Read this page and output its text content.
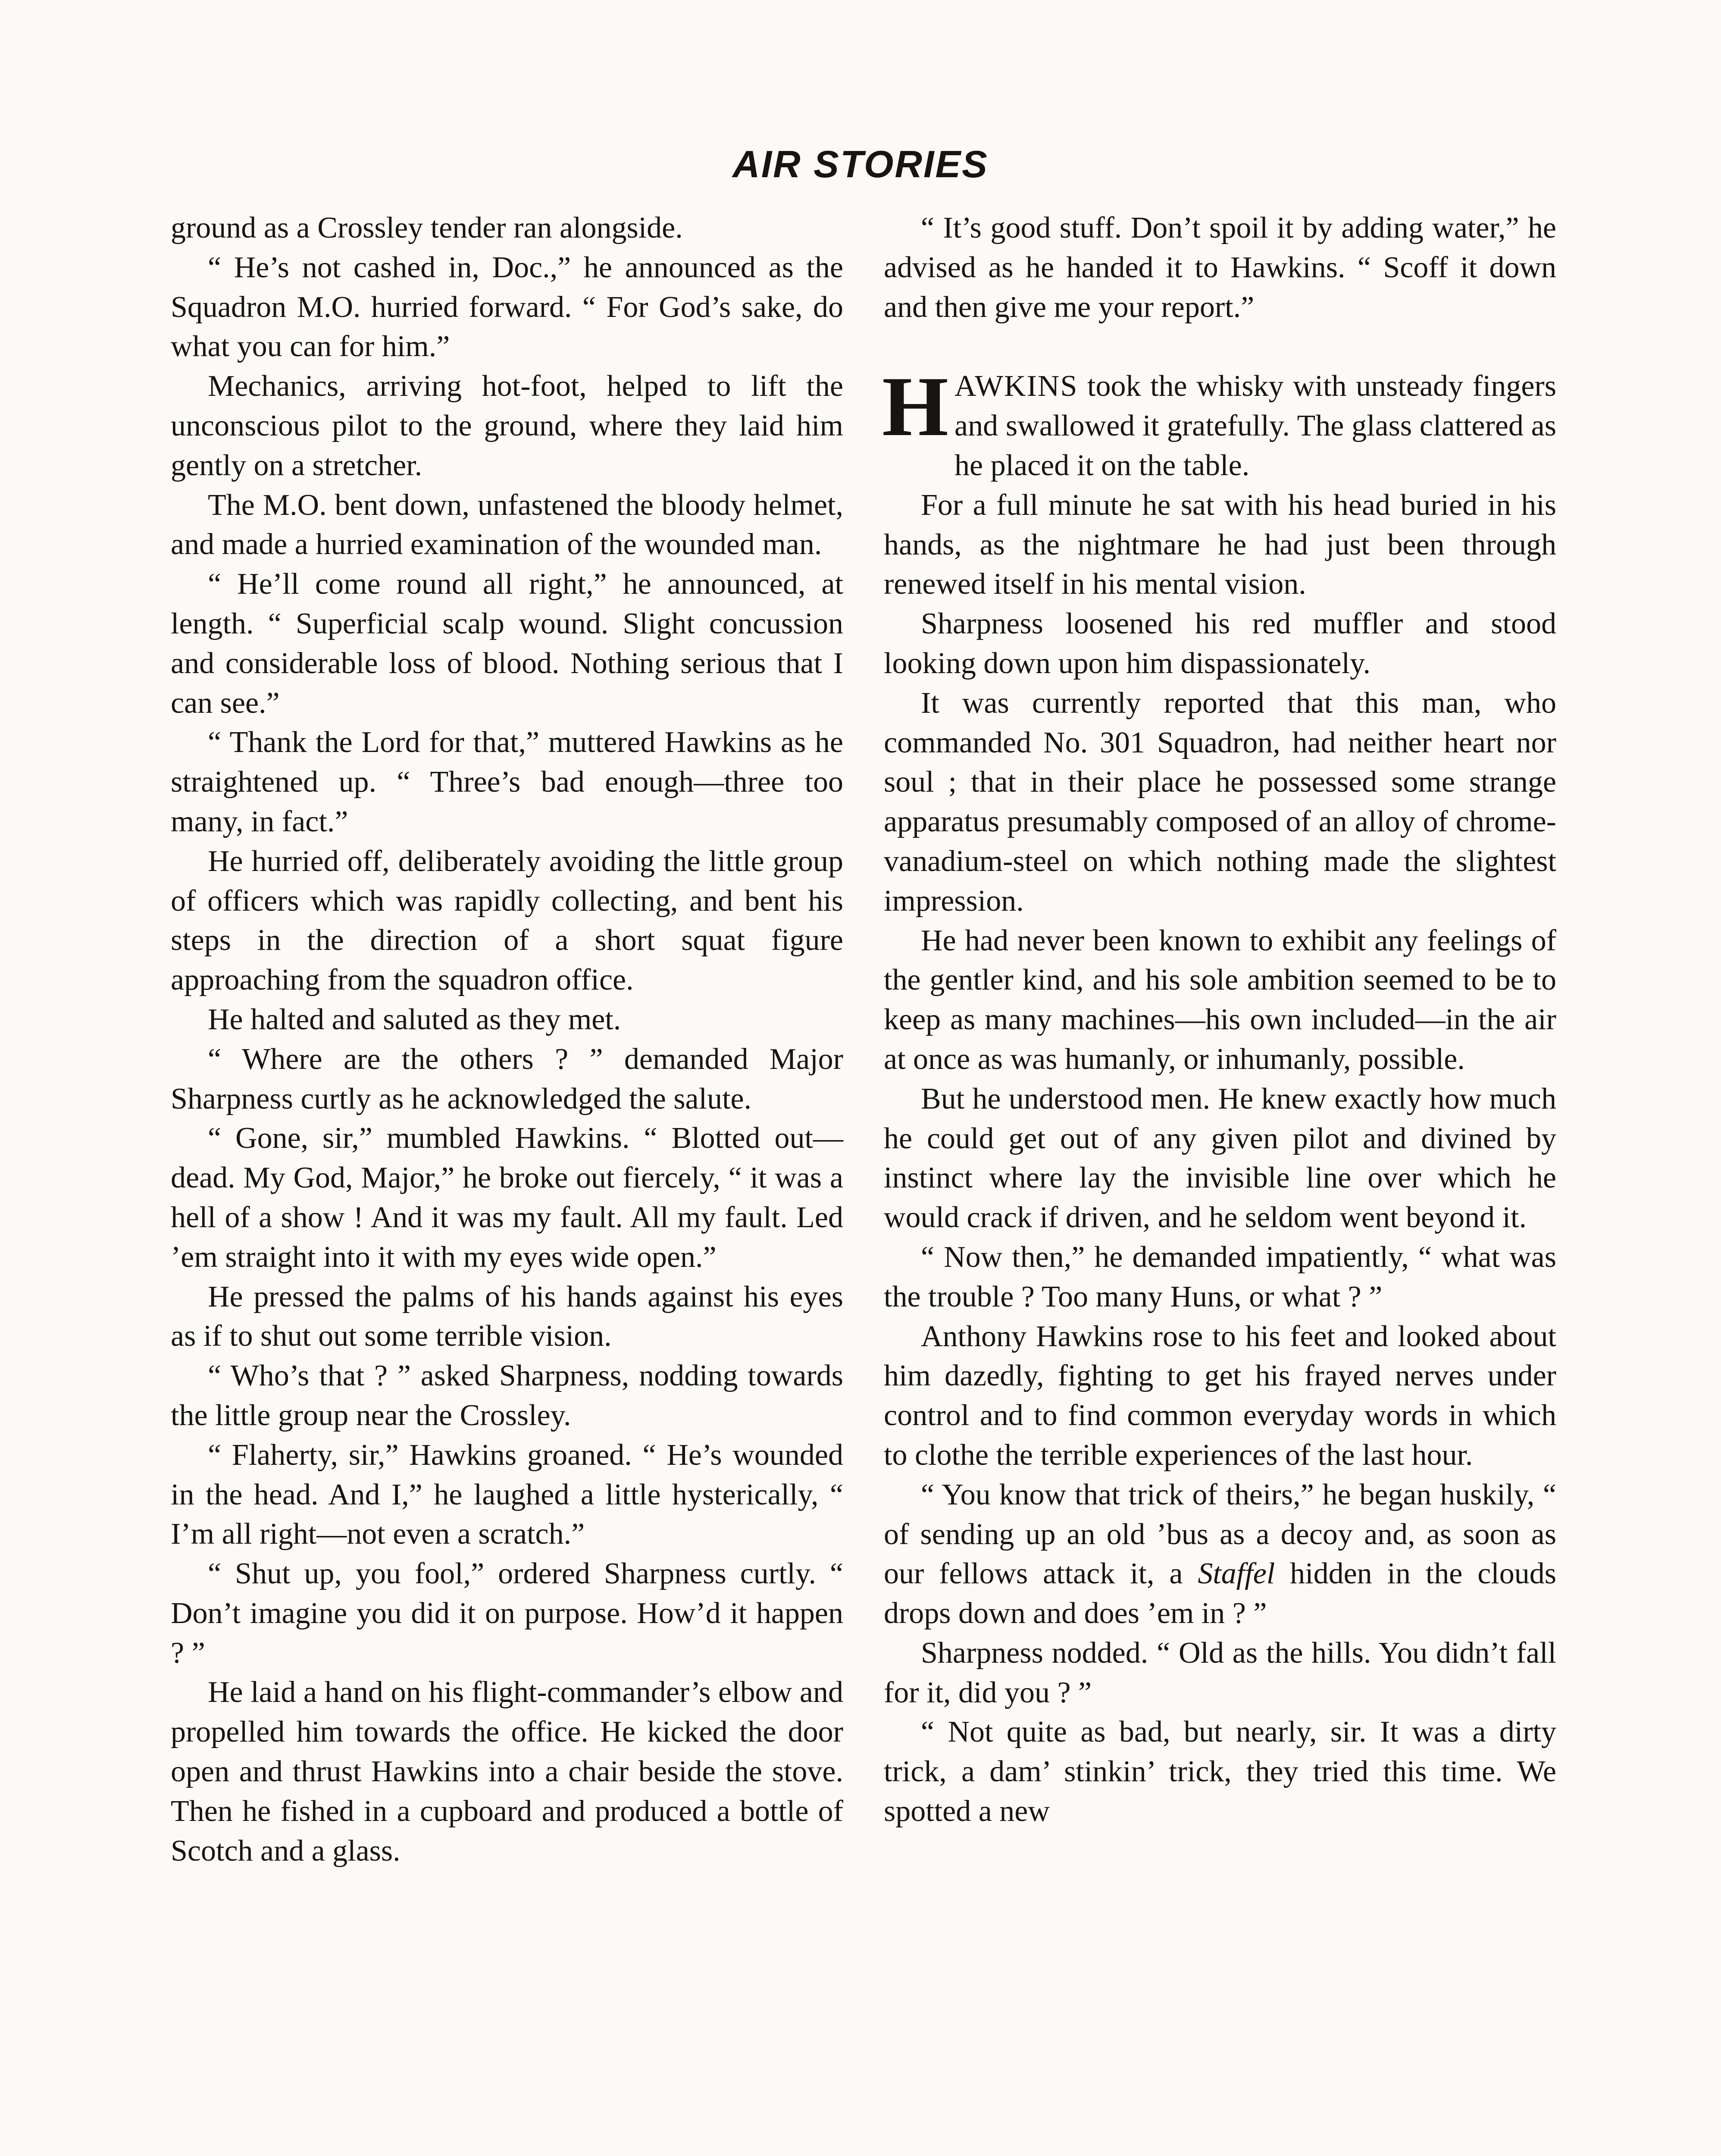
AIR STORIES

ground as a Crossley tender ran alongside.

“ He’s not cashed in, Doc.,” he announced as the Squadron M.O. hurried forward. “ For God’s sake, do what you can for him.”

Mechanics, arriving hot-foot, helped to lift the unconscious pilot to the ground, where they laid him gently on a stretcher.

The M.O. bent down, unfastened the bloody helmet, and made a hurried examination of the wounded man.

“ He’ll come round all right,” he announced, at length. “ Superficial scalp wound. Slight concussion and considerable loss of blood. Nothing serious that I can see.”

“ Thank the Lord for that,” muttered Hawkins as he straightened up. “ Three’s bad enough—three too many, in fact.”

He hurried off, deliberately avoiding the little group of officers which was rapidly collecting, and bent his steps in the direction of a short squat figure approaching from the squadron office.

He halted and saluted as they met.

“ Where are the others ? ” demanded Major Sharpness curtly as he acknowledged the salute.

“ Gone, sir,” mumbled Hawkins. “ Blotted out—dead. My God, Major,” he broke out fiercely, “ it was a hell of a show ! And it was my fault. All my fault. Led ’em straight into it with my eyes wide open.”

He pressed the palms of his hands against his eyes as if to shut out some terrible vision.

“ Who’s that ? ” asked Sharpness, nodding towards the little group near the Crossley.

“ Flaherty, sir,” Hawkins groaned. “ He’s wounded in the head. And I,” he laughed a little hysterically, “ I’m all right—not even a scratch.”

“ Shut up, you fool,” ordered Sharpness curtly. “ Don’t imagine you did it on purpose. How’d it happen ? ”

He laid a hand on his flight-commander’s elbow and propelled him towards the office. He kicked the door open and thrust Hawkins into a chair beside the stove. Then he fished in a cupboard and produced a bottle of Scotch and a glass.

“ It’s good stuff. Don’t spoil it by adding water,” he advised as he handed it to Hawkins. “ Scoff it down and then give me your report.”

HAWKINS took the whisky with unsteady fingers and swallowed it gratefully. The glass clattered as he placed it on the table.

For a full minute he sat with his head buried in his hands, as the nightmare he had just been through renewed itself in his mental vision.

Sharpness loosened his red muffler and stood looking down upon him dispassionately.

It was currently reported that this man, who commanded No. 301 Squadron, had neither heart nor soul ; that in their place he possessed some strange apparatus presumably composed of an alloy of chrome-vanadium-steel on which nothing made the slightest impression.

He had never been known to exhibit any feelings of the gentler kind, and his sole ambition seemed to be to keep as many machines—his own included—in the air at once as was humanly, or inhumanly, possible.

But he understood men. He knew exactly how much he could get out of any given pilot and divined by instinct where lay the invisible line over which he would crack if driven, and he seldom went beyond it.

“ Now then,” he demanded impatiently, “ what was the trouble ? Too many Huns, or what ? ”

Anthony Hawkins rose to his feet and looked about him dazedly, fighting to get his frayed nerves under control and to find common everyday words in which to clothe the terrible experiences of the last hour.

“ You know that trick of theirs,” he began huskily, “ of sending up an old ’bus as a decoy and, as soon as our fellows attack it, a Staffel hidden in the clouds drops down and does ’em in ? ”

Sharpness nodded. “ Old as the hills. You didn’t fall for it, did you ? ”

“ Not quite as bad, but nearly, sir. It was a dirty trick, a dam’ stinkin’ trick, they tried this time. We spotted a new
